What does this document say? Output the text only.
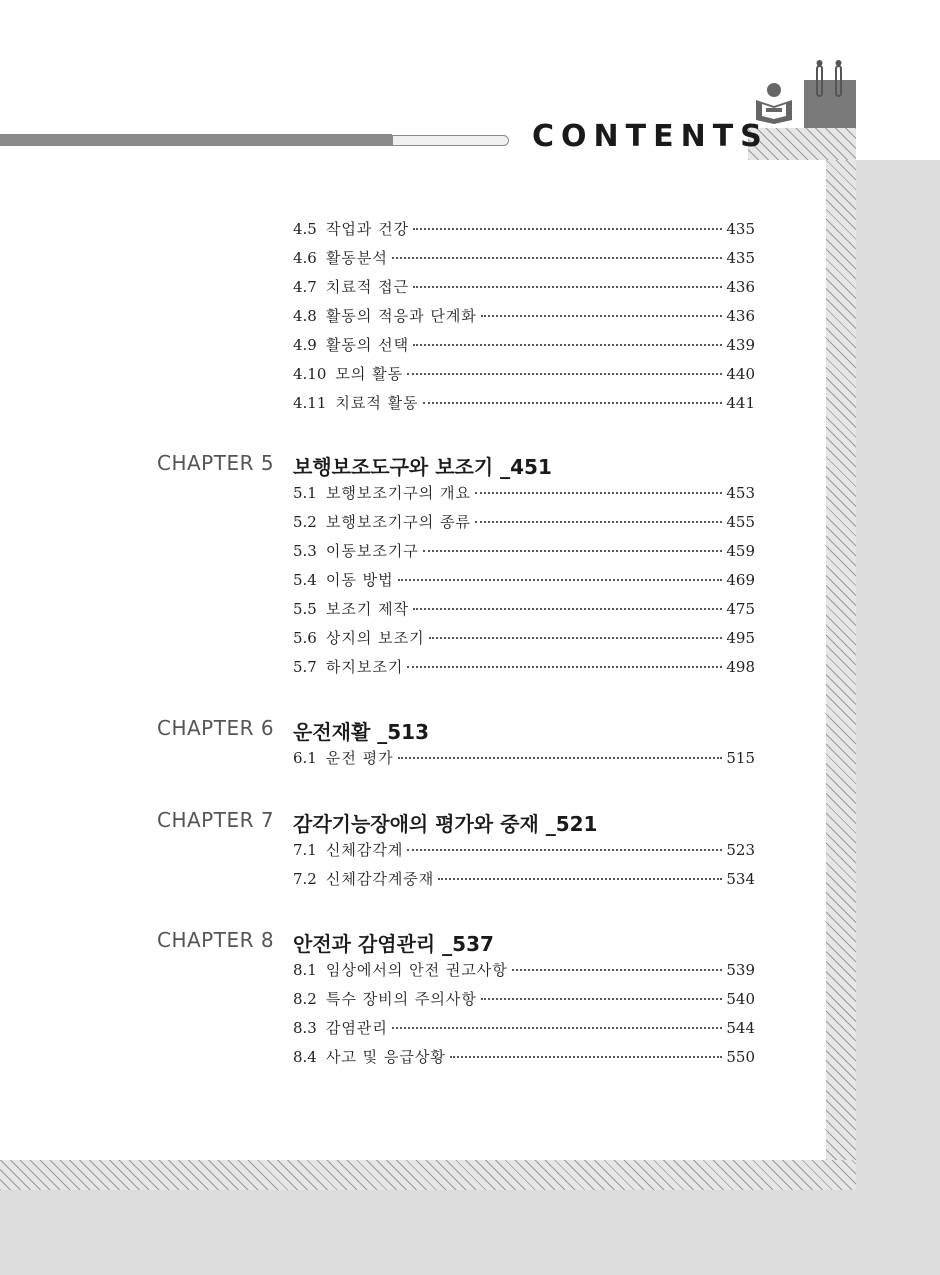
CONTENTS
4.5 작업과 건강	435
4.6 활동분석	435
4.7 치료적 접근	436
4.8 활동의 적응과 단계화	436
4.9 활동의 선택	439
4.10 모의 활동	440
4.11 치료적 활동	441
CHAPTER 5 보행보조도구와 보조기 _451
5.1 보행보조기구의 개요	453
5.2 보행보조기구의 종류	455
5.3 이동보조기구	459
5.4 이동 방법	469
5.5 보조기 제작	475
5.6 상지의 보조기	495
5.7 하지보조기	498
CHAPTER 6 운전재활 _513
6.1 운전 평가	515
CHAPTER 7 감각기능장애의 평가와 중재 _521
7.1 신체감각계	523
7.2 신체감각계중재	534
CHAPTER 8 안전과 감염관리 _537
8.1 임상에서의 안전 권고사항	539
8.2 특수 장비의 주의사항	540
8.3 감염관리	544
8.4 사고 및 응급상황	550
